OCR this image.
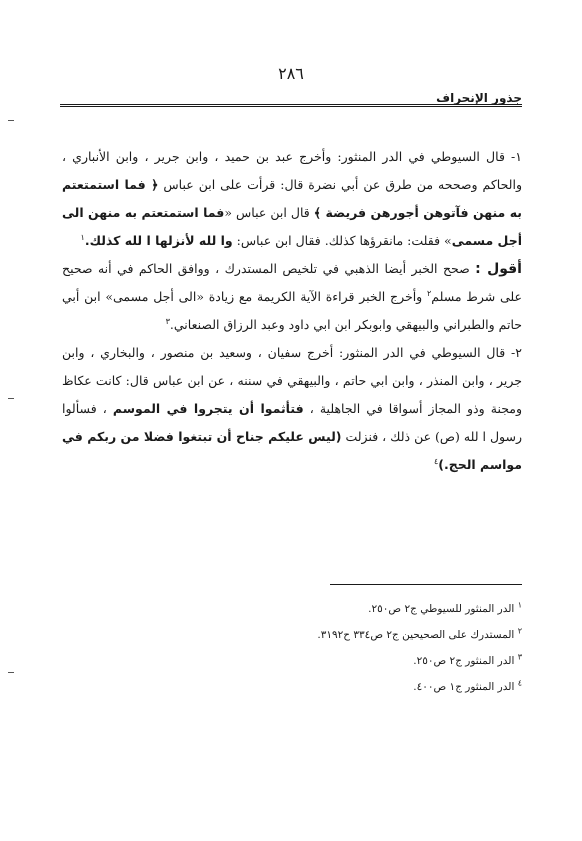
٢٨٦
جذور الإنحراف

١- قال السيوطي في الدر المنثور: وأخرج عبد بن حميد ، وابن جرير ، وابن الأنباري ، والحاكم وصححه من طرق عن أبي نضرة قال: قرأت على ابن عباس ﴿ فما استمتعتم به منهن فآتوهن أجورهن فريضة ﴾ قال ابن عباس «فما استمتعتم به منهن الى أجل مسمى» فقلت: مانقرؤها كذلك. فقال ابن عباس: وا لله لأنزلها ا لله كذلك.$^١$

أقول : صحح الخبر أيضا الذهبي في تلخيص المستدرك ، ووافق الحاكم في أنه صحيح على شرط مسلم$^٢$ وأخرج الخبر قراءة الآية الكريمة مع زيادة «الى أجل مسمى» ابن أبي حاتم والطبراني والبيهقي وابوبكر ابن ابي داود وعبد الرزاق الصنعاني.$^٣$

٢- قال السيوطي في الدر المنثور: أخرج سفيان ، وسعيد بن منصور ، والبخاري ، وابن جرير ، وابن المنذر ، وابن ابي حاتم ، والبيهقي في سننه ، عن ابن عباس قال: كانت عكاظ ومجنة وذو المجاز أسواقا في الجاهلية ، فتأثموا أن يتجروا في الموسم ، فسألوا رسول ا لله (ص) عن ذلك ، فنزلت (ليس عليكم جناح أن تبتغوا فضلا من ربكم في مواسم الحج.)$^٤$

$^١$ الدر المنثور للسيوطي ج٢ ص٢٥٠.

$^٢$ المستدرك على الصحيحين ج٢ ص٣٣٤ ح٣١٩٢.

$^٣$ الدر المنثور ج٢ ص٢٥٠.

$^٤$ الدر المنثور ج١ ص٤٠٠.
